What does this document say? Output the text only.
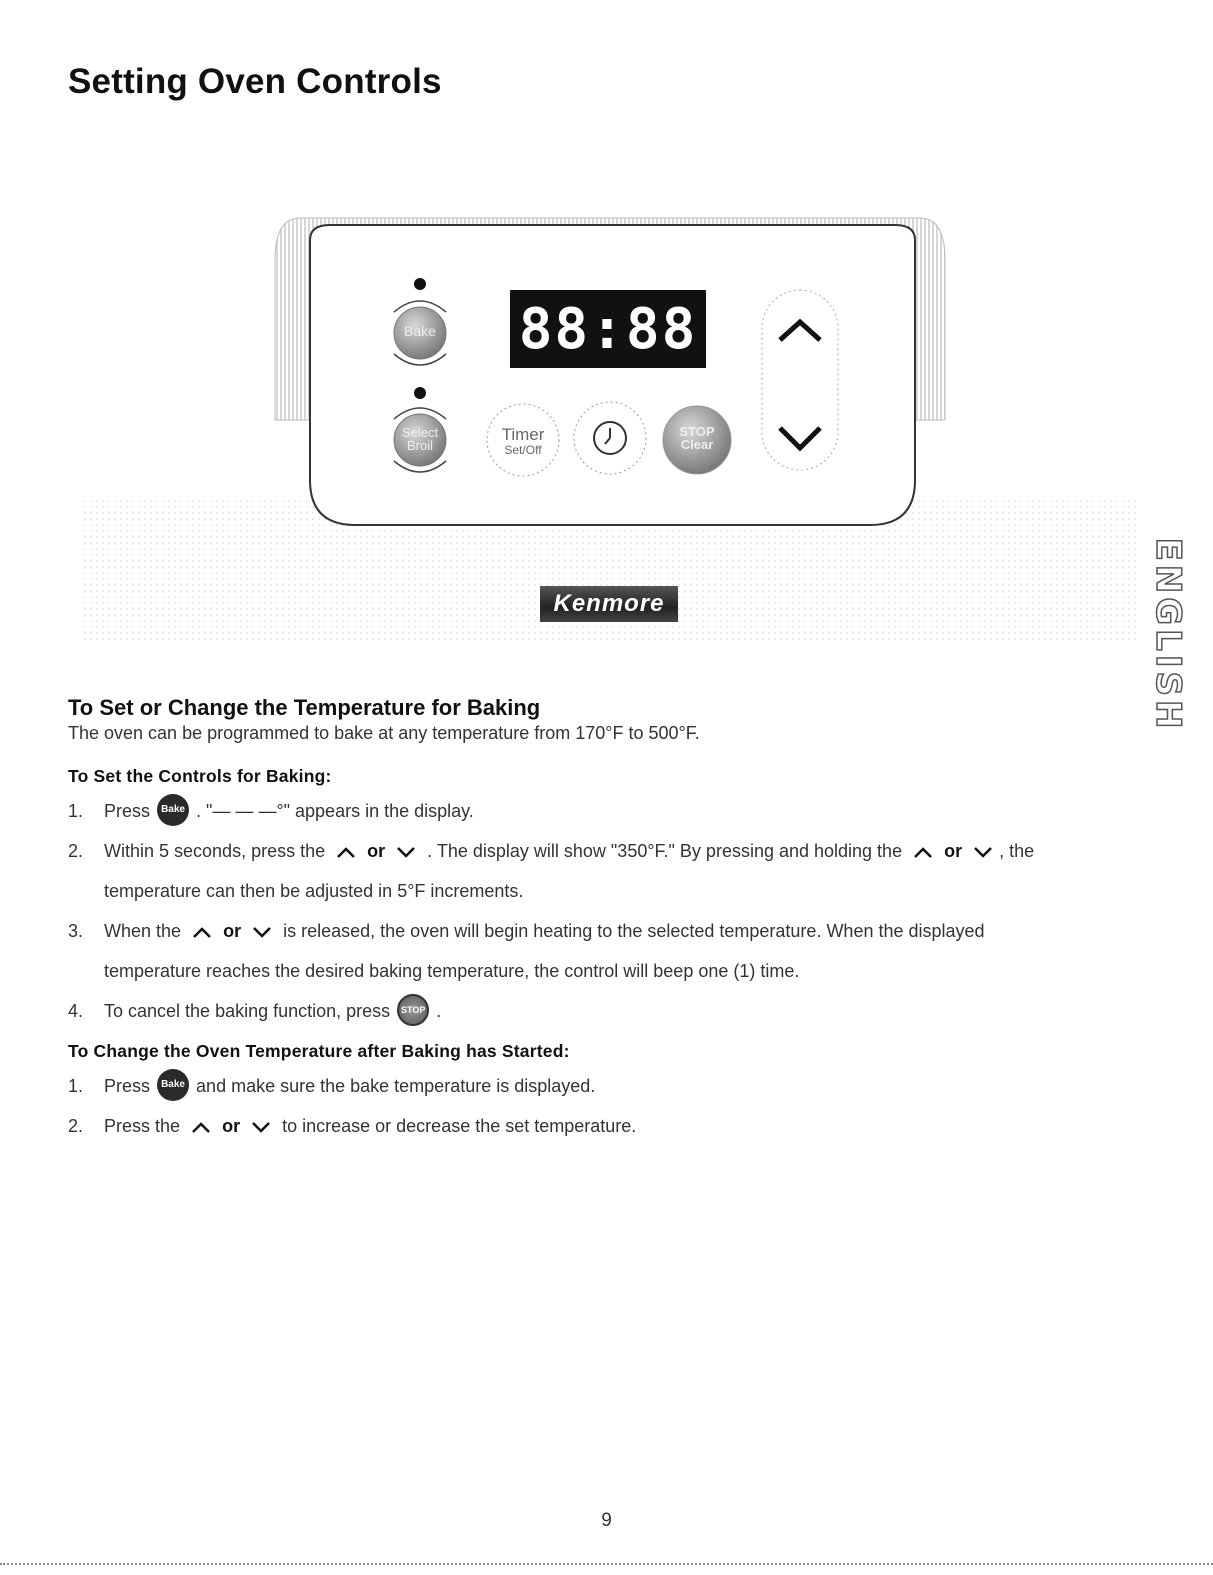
Setting Oven Controls
ENGLISH
88:88
Bake
Select Broil
Timer
Set/Off
STOP Clear
Kenmore
To Set or Change the Temperature for Baking

The oven can be programmed to bake at any temperature from 170°F to 500°F.

To Set the Controls for Baking:
1. Press Bake . "— — —°" appears in the display.
2. Within 5 seconds, press the or . The display will show "350°F." By pressing and holding the or , the
temperature can then be adjusted in 5°F increments.
3. When the or is released, the oven will begin heating to the selected temperature. When the displayed
temperature reaches the desired baking temperature, the control will beep one (1) time.
4. To cancel the baking function, press STOP .
To Change the Oven Temperature after Baking has Started:
1. Press Bake and make sure the bake temperature is displayed.
2. Press the or to increase or decrease the set temperature.
9
